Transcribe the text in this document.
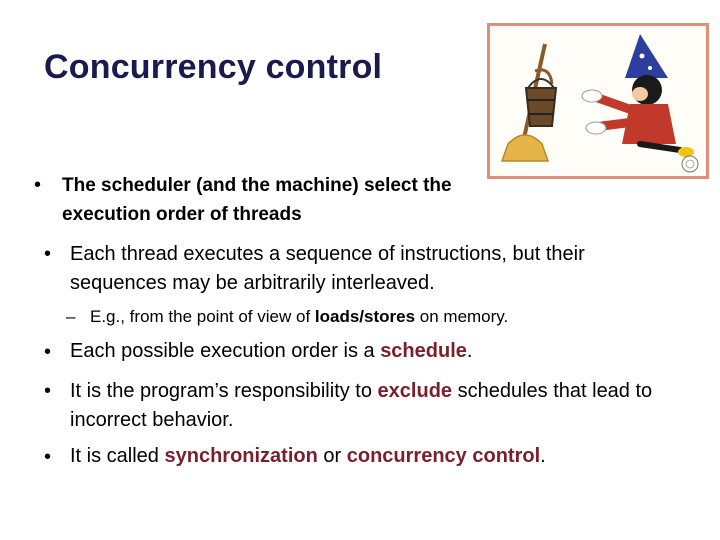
Concurrency control
•	The scheduler (and the machine) select the execution order of threads
• Each thread executes a sequence of instructions, but their sequences may be arbitrarily interleaved.
– E.g., from the point of view of loads/stores on memory.
• Each possible execution order is a schedule.
• It is the program’s responsibility to exclude schedules that lead to incorrect behavior.
• It is called synchronization or concurrency control.
